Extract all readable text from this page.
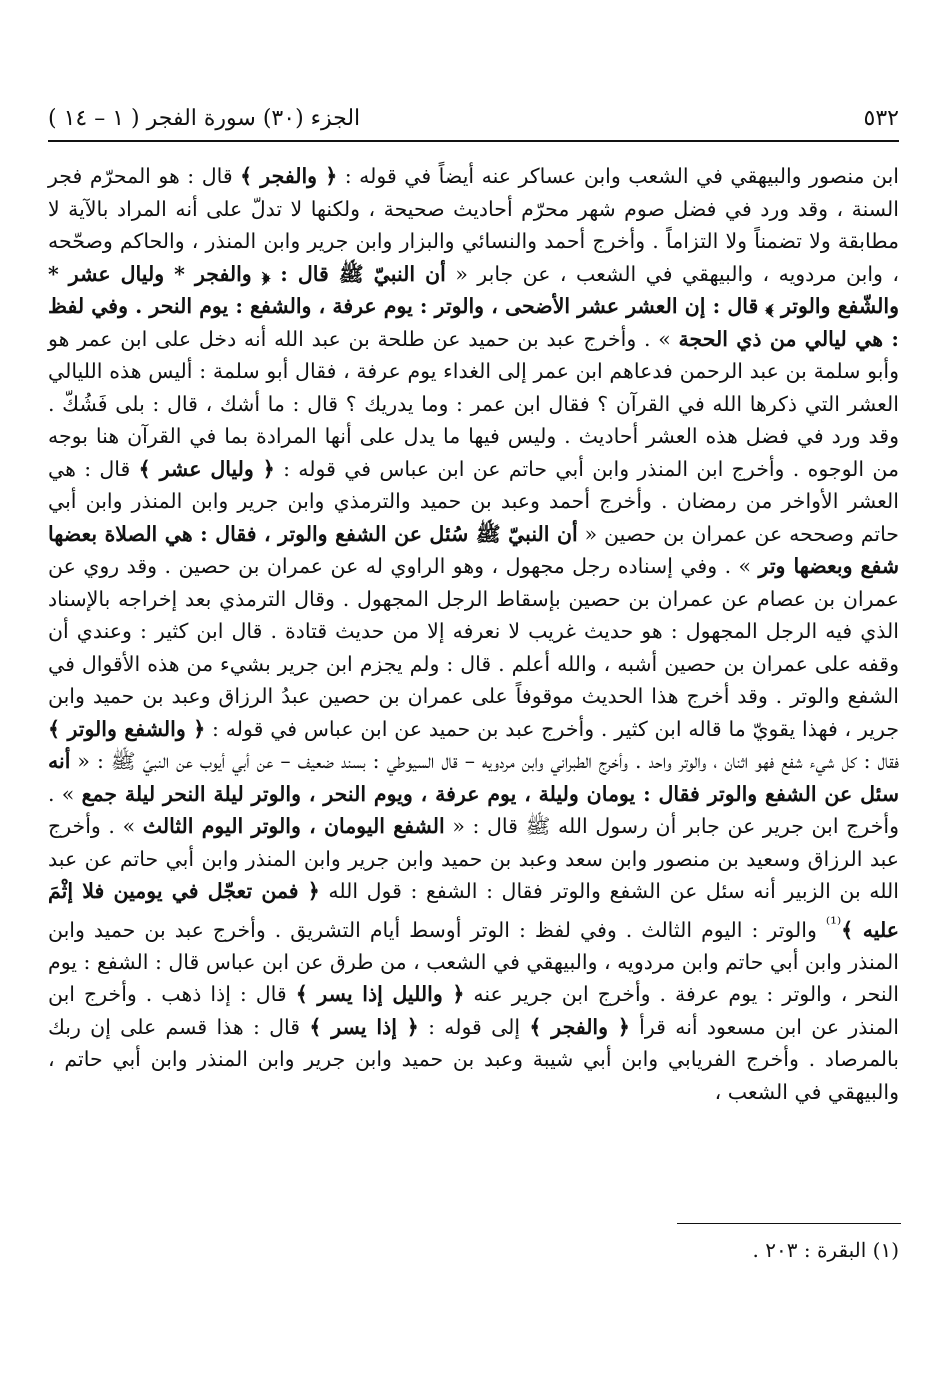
٥٣٢
الجزء (٣٠) سورة الفجر ( ١ – ١٤ )

ابن منصور والبيهقي في الشعب وابن عساكر عنه أيضاً في قوله : ﴿ والفجر ﴾ قال : هو المحرّم فجر السنة ، وقد ورد في فضل صوم شهر محرّم أحاديث صحيحة ، ولكنها لا تدلّ على أنه المراد بالآية لا مطابقة ولا تضمناً ولا التزاماً . وأخرج أحمد والنسائي والبزار وابن جرير وابن المنذر ، والحاكم وصحّحه ، وابن مردويه ، والبيهقي في الشعب ، عن جابر « أن النبيّ ﷺ قال : ﴿ والفجر * وليال عشر * والشّفع والوتر ﴾ قال : إن العشر عشر الأضحى ، والوتر : يوم عرفة ، والشفع : يوم النحر . وفي لفظ : هي ليالي من ذي الحجة » . وأخرج عبد بن حميد عن طلحة بن عبد الله أنه دخل على ابن عمر هو وأبو سلمة بن عبد الرحمن فدعاهم ابن عمر إلى الغداء يوم عرفة ، فقال أبو سلمة : أليس هذه الليالي العشر التي ذكرها الله في القرآن ؟ فقال ابن عمر : وما يدريك ؟ قال : ما أشك ، قال : بلى فَشُكّ . وقد ورد في فضل هذه العشر أحاديث . وليس فيها ما يدل على أنها المرادة بما في القرآن هنا بوجه من الوجوه . وأخرج ابن المنذر وابن أبي حاتم عن ابن عباس في قوله : ﴿ وليال عشر ﴾ قال : هي العشر الأواخر من رمضان . وأخرج أحمد وعبد بن حميد والترمذي وابن جرير وابن المنذر وابن أبي حاتم وصححه عن عمران بن حصين « أن النبيّ ﷺ سُئل عن الشفع والوتر ، فقال : هي الصلاة بعضها شفع وبعضها وتر » . وفي إسناده رجل مجهول ، وهو الراوي له عن عمران بن حصين . وقد روي عن عمران بن عصام عن عمران بن حصين بإسقاط الرجل المجهول . وقال الترمذي بعد إخراجه بالإسناد الذي فيه الرجل المجهول : هو حديث غريب لا نعرفه إلا من حديث قتادة . قال ابن كثير : وعندي أن وقفه على عمران بن حصين أشبه ، والله أعلم . قال : ولم يجزم ابن جرير بشيء من هذه الأقوال في الشفع والوتر . وقد أخرج هذا الحديث موقوفاً على عمران بن حصين عبدُ الرزاق وعبد بن حميد وابن جرير ، فهذا يقويّ ما قاله ابن كثير . وأخرج عبد بن حميد عن ابن عباس في قوله : ﴿ والشفع والوتر ﴾ فقال : كل شيء شفع فهو اثنان ، والوتر واحد . وأخرج الطبراني وابن مردويه – قال السيوطي : بسند ضعيف – عن أبي أيوب عن النبيّ ﷺ : « أنه سئل عن الشفع والوتر فقال : يومان وليلة ، يوم عرفة ، ويوم النحر ، والوتر ليلة النحر ليلة جمع » . وأخرج ابن جرير عن جابر أن رسول الله ﷺ قال : « الشفع اليومان ، والوتر اليوم الثالث » . وأخرج عبد الرزاق وسعيد بن منصور وابن سعد وعبد بن حميد وابن جرير وابن المنذر وابن أبي حاتم عن عبد الله بن الزبير أنه سئل عن الشفع والوتر فقال : الشفع : قول الله ﴿ فمن تعجّل في يومين فلا إثْمَ عليه ﴾$^{^{(1)}}$ والوتر : اليوم الثالث . وفي لفظ : الوتر أوسط أيام التشريق . وأخرج عبد بن حميد وابن المنذر وابن أبي حاتم وابن مردويه ، والبيهقي في الشعب ، من طرق عن ابن عباس قال : الشفع : يوم النحر ، والوتر : يوم عرفة . وأخرج ابن جرير عنه ﴿ والليل إذا يسر ﴾ قال : إذا ذهب . وأخرج ابن المنذر عن ابن مسعود أنه قرأ ﴿ والفجر ﴾ إلى قوله : ﴿ إذا يسر ﴾ قال : هذا قسم على إن ربك بالمرصاد . وأخرج الفريابي وابن أبي شيبة وعبد بن حميد وابن جرير وابن المنذر وابن أبي حاتم ، والبيهقي في الشعب ،

(١) البقرة : ٢٠٣ .
